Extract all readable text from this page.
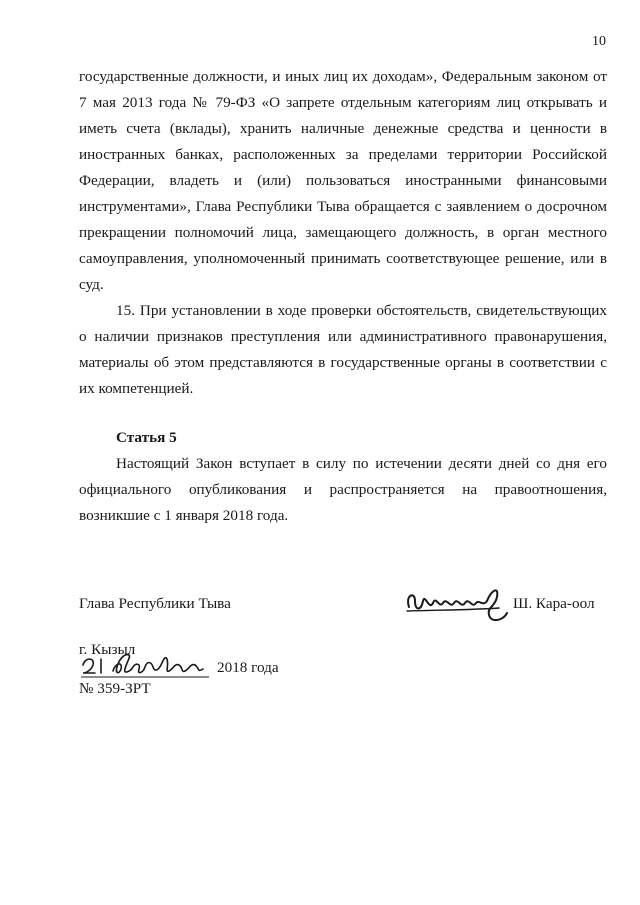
10
государственные должности, и иных лиц их доходам», Федеральным законом от
7 мая 2013 года № 79-ФЗ «О запрете отдельным категориям лиц открывать и
иметь счета (вклады), хранить наличные денежные средства и ценности в
иностранных банках, расположенных за пределами территории Российской
Федерации, владеть и (или) пользоваться иностранными финансовыми
инструментами», Глава Республики Тыва обращается с заявлением о досрочном
прекращении полномочий лица, замещающего должность, в орган местного
самоуправления, уполномоченный принимать соответствующее решение, или в
суд.
15. При установлении в ходе проверки обстоятельств, свидетельствующих
о наличии признаков преступления или административного правонарушения,
материалы об этом представляются в государственные органы в соответствии с
их компетенцией.
Статья 5
Настоящий Закон вступает в силу по истечении десяти дней со дня его
официального опубликования и распространяется на правоотношения,
возникшие с 1 января 2018 года.
Глава Республики Тыва	Ш. Кара-оол
г. Кызыл
2018 года
№ 359-ЗРТ
